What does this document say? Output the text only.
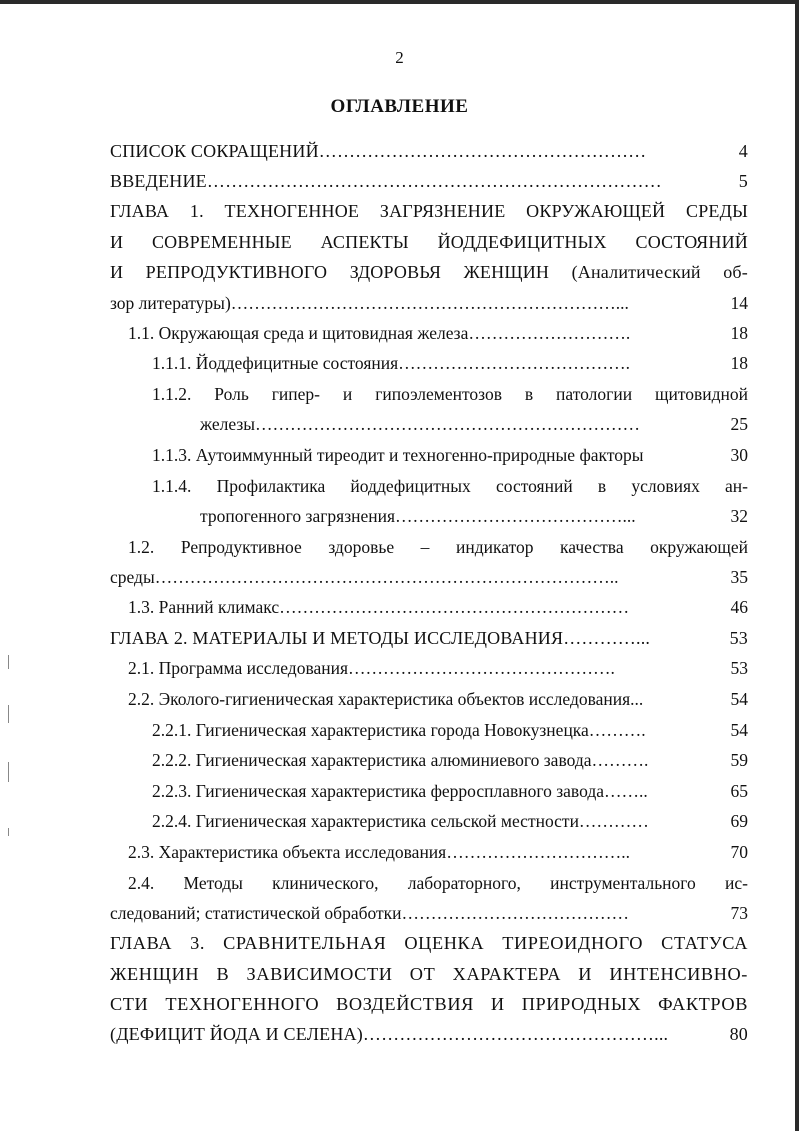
2
ОГЛАВЛЕНИЕ
СПИСОК СОКРАЩЕНИЙ………………………………………………	4
ВВЕДЕНИЕ…………………………………………………………………	5
ГЛАВА 1. ТЕХНОГЕННОЕ ЗАГРЯЗНЕНИЕ ОКРУЖАЮЩЕЙ СРЕДЫ
И СОВРЕМЕННЫЕ АСПЕКТЫ ЙОДДЕФИЦИТНЫХ СОСТОЯНИЙ
И РЕПРОДУКТИВНОГО ЗДОРОВЬЯ ЖЕНЩИН (Аналитический об-
зор литературы)…………………………………………………………...	14
1.1. Окружающая среда и щитовидная железа……………………….	18
1.1.1. Йоддефицитные состояния………………………………….	18
1.1.2. Роль гипер- и гипоэлементозов в патологии щитовидной
железы…………………………………………………………	25
1.1.3. Аутоиммунный тиреодит и техногенно-природные факторы	30
1.1.4. Профилактика йоддефицитных состояний в условиях ан-
тропогенного загрязнения…………………………………...	32
1.2. Репродуктивное здоровье – индикатор качества окружающей
среды……………………………………………………………………..	35
1.3. Ранний климакс……………………………………………………	46
ГЛАВА 2. МАТЕРИАЛЫ И МЕТОДЫ ИССЛЕДОВАНИЯ…………...	53
2.1. Программа исследования……………………………………….	53
2.2. Эколого-гигиеническая характеристика объектов исследования...	54
2.2.1. Гигиеническая характеристика города Новокузнецка……….	54
2.2.2. Гигиеническая характеристика алюминиевого завода……….	59
2.2.3. Гигиеническая характеристика ферросплавного завода……..	65
2.2.4. Гигиеническая характеристика сельской местности…………	69
2.3. Характеристика объекта исследования…………………………..	70
2.4. Методы клинического, лабораторного, инструментального ис-
следований; статистической обработки…………………………………	73
ГЛАВА 3. СРАВНИТЕЛЬНАЯ ОЦЕНКА ТИРЕОИДНОГО СТАТУСА
ЖЕНЩИН В ЗАВИСИМОСТИ ОТ ХАРАКТЕРА И ИНТЕНСИВНО-
СТИ ТЕХНОГЕННОГО ВОЗДЕЙСТВИЯ И ПРИРОДНЫХ ФАКТРОВ
(ДЕФИЦИТ ЙОДА И СЕЛЕНА)…………………………………………...	80
